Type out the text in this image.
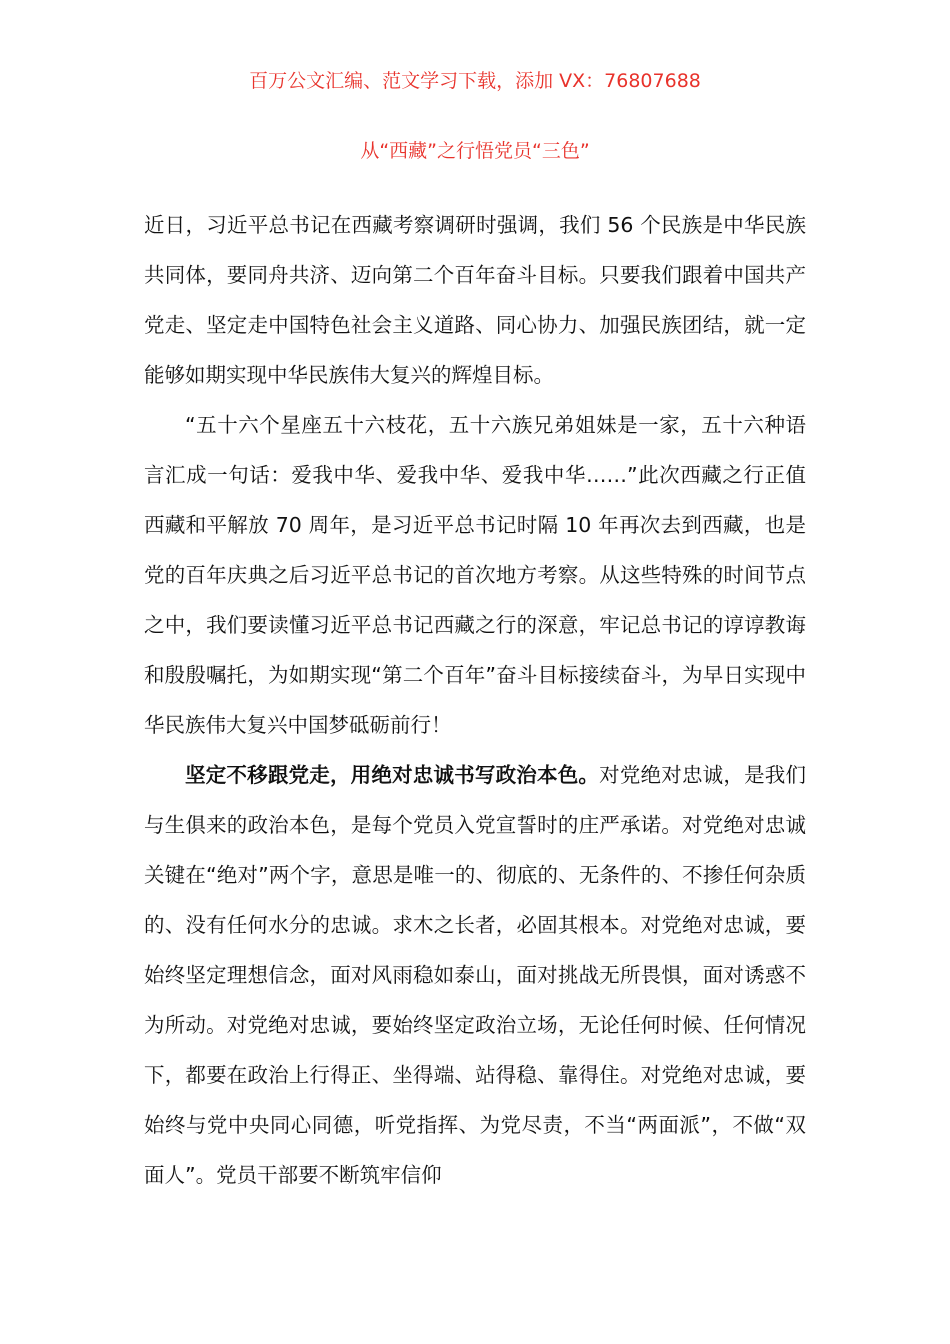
百万公文汇编、范文学习下载，添加 VX：76807688
从“西藏”之行悟党员“三色”

近日，习近平总书记在西藏考察调研时强调，我们 56 个民族是中华民族共同体，要同舟共济、迈向第二个百年奋斗目标。只要我们跟着中国共产党走、坚定走中国特色社会主义道路、同心协力、加强民族团结，就一定能够如期实现中华民族伟大复兴的辉煌目标。

“五十六个星座五十六枝花，五十六族兄弟姐妹是一家，五十六种语言汇成一句话：爱我中华、爱我中华、爱我中华……”此次西藏之行正值西藏和平解放 70 周年，是习近平总书记时隔 10 年再次去到西藏，也是党的百年庆典之后习近平总书记的首次地方考察。从这些特殊的时间节点之中，我们要读懂习近平总书记西藏之行的深意，牢记总书记的谆谆教诲和殷殷嘱托，为如期实现“第二个百年”奋斗目标接续奋斗，为早日实现中华民族伟大复兴中国梦砥砺前行！

坚定不移跟党走，用绝对忠诚书写政治本色。对党绝对忠诚，是我们与生俱来的政治本色，是每个党员入党宣誓时的庄严承诺。对党绝对忠诚关键在“绝对”两个字，意思是唯一的、彻底的、无条件的、不掺任何杂质的、没有任何水分的忠诚。求木之长者，必固其根本。对党绝对忠诚，要始终坚定理想信念，面对风雨稳如泰山，面对挑战无所畏惧，面对诱惑不为所动。对党绝对忠诚，要始终坚定政治立场，无论任何时候、任何情况下，都要在政治上行得正、坐得端、站得稳、靠得住。对党绝对忠诚，要始终与党中央同心同德，听党指挥、为党尽责，不当“两面派”，不做“双面人”。党员干部要不断筑牢信仰
